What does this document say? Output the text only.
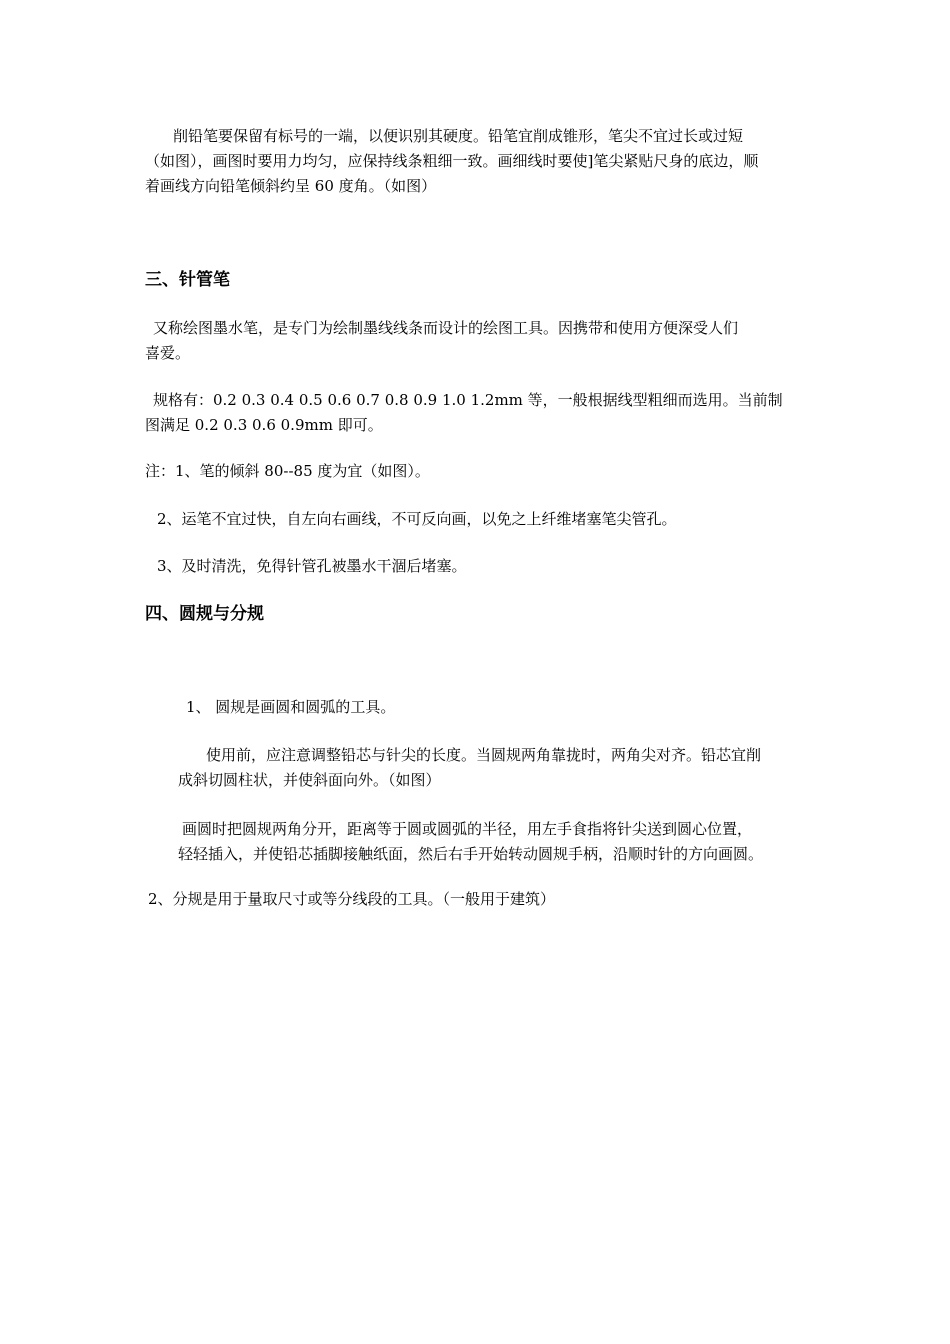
削铅笔要保留有标号的一端，以便识别其硬度。铅笔宜削成锥形，笔尖不宜过长或过短
（如图），画图时要用力均匀，应保持线条粗细一致。画细线时要使]笔尖紧贴尺身的底边，顺
着画线方向铅笔倾斜约呈 60 度角。（如图）
三、针管笔
又称绘图墨水笔，是专门为绘制墨线线条而设计的绘图工具。因携带和使用方便深受人们
喜爱。
规格有：0.2 0.3 0.4 0.5 0.6 0.7 0.8 0.9 1.0 1.2mm 等，一般根据线型粗细而选用。当前制
图满足 0.2 0.3 0.6 0.9mm 即可。
注：1、笔的倾斜 80--85 度为宜（如图）。
2、运笔不宜过快，自左向右画线，不可反向画，以免之上纤维堵塞笔尖管孔。
3、及时清洗，免得针管孔被墨水干涸后堵塞。
四、圆规与分规
1、 圆规是画圆和圆弧的工具。
使用前，应注意调整铅芯与针尖的长度。当圆规两角靠拢时，两角尖对齐。铅芯宜削
成斜切圆柱状，并使斜面向外。（如图）
画圆时把圆规两角分开，距离等于圆或圆弧的半径，用左手食指将针尖送到圆心位置，
轻轻插入，并使铅芯插脚接触纸面，然后右手开始转动圆规手柄，沿顺时针的方向画圆。
2、分规是用于量取尺寸或等分线段的工具。（一般用于建筑）
